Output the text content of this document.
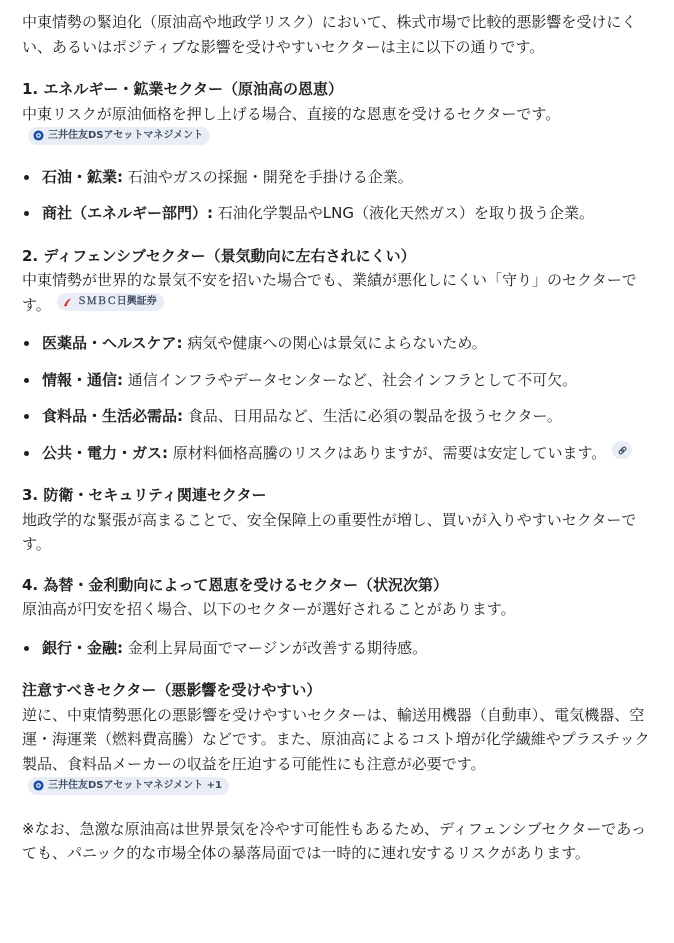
中東情勢の緊迫化（原油高や地政学リスク）において、株式市場で比較的悪影響を受けにくい、あるいはポジティブな影響を受けやすいセクターは主に以下の通りです。

1. エネルギー・鉱業セクター（原油高の恩恵）

中東リスクが原油価格を押し上げる場合、直接的な恩恵を受けるセクターです。
三井住友DSアセットマネジメント

石油・鉱業: 石油やガスの採掘・開発を手掛ける企業。
商社（エネルギー部門）: 石油化学製品やLNG（液化天然ガス）を取り扱う企業。
2. ディフェンシブセクター（景気動向に左右されにくい）

中東情勢が世界的な景気不安を招いた場合でも、業績が悪化しにくい「守り」のセクターです。	ＳＭＢＣ日興証券

医薬品・ヘルスケア: 病気や健康への関心は景気によらないため。
情報・通信: 通信インフラやデータセンターなど、社会インフラとして不可欠。
食料品・生活必需品: 食品、日用品など、生活に必須の製品を扱うセクター。
公共・電力・ガス: 原材料価格高騰のリスクはありますが、需要は安定しています。
3. 防衛・セキュリティ関連セクター

地政学的な緊張が高まることで、安全保障上の重要性が増し、買いが入りやすいセクターです。

4. 為替・金利動向によって恩恵を受けるセクター（状況次第）

原油高が円安を招く場合、以下のセクターが選好されることがあります。

銀行・金融: 金利上昇局面でマージンが改善する期待感。
注意すべきセクター（悪影響を受けやすい）

逆に、中東情勢悪化の悪影響を受けやすいセクターは、輸送用機器（自動車）、電気機器、空運・海運業（燃料費高騰）などです。また、原油高によるコスト増が化学繊維やプラスチック製品、食料品メーカーの収益を圧迫する可能性にも注意が必要です。
三井住友DSアセットマネジメント +1

※なお、急激な原油高は世界景気を冷やす可能性もあるため、ディフェンシブセクターであっても、パニック的な市場全体の暴落局面では一時的に連れ安するリスクがあります。
